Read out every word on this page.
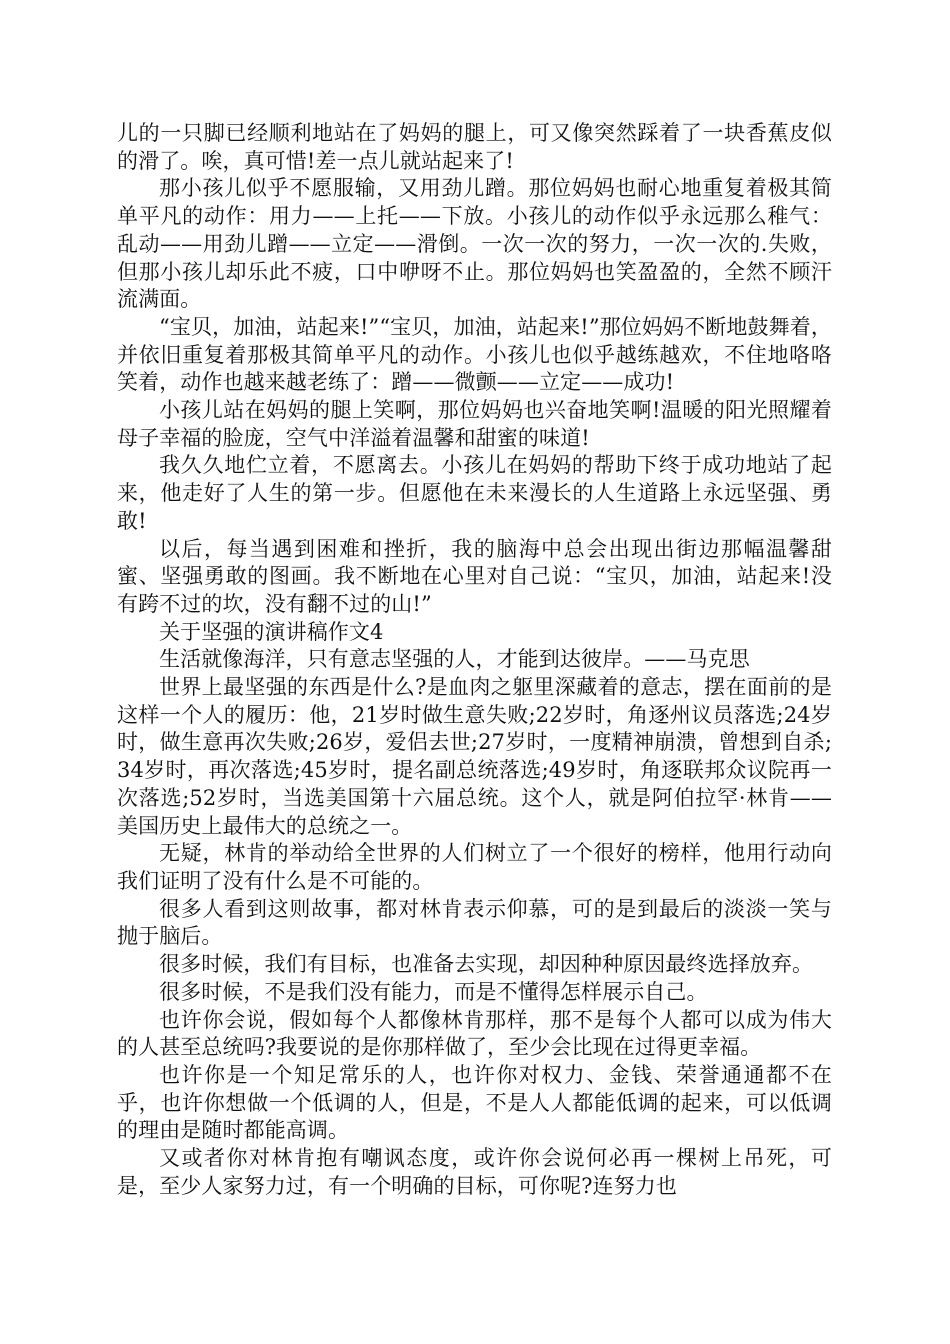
儿的一只脚已经顺利地站在了妈妈的腿上，可又像突然踩着了一块香蕉皮似的滑了。唉，真可惜!差一点儿就站起来了!

那小孩儿似乎不愿服输，又用劲儿蹭。那位妈妈也耐心地重复着极其简单平凡的动作：用力——上托——下放。小孩儿的动作似乎永远那么稚气：乱动——用劲儿蹭——立定——滑倒。一次一次的努力，一次一次的.失败，但那小孩儿却乐此不疲，口中咿呀不止。那位妈妈也笑盈盈的，全然不顾汗流满面。

“宝贝，加油，站起来!”“宝贝，加油，站起来!”那位妈妈不断地鼓舞着，并依旧重复着那极其简单平凡的动作。小孩儿也似乎越练越欢，不住地咯咯笑着，动作也越来越老练了：蹭——微颤——立定——成功!

小孩儿站在妈妈的腿上笑啊，那位妈妈也兴奋地笑啊!温暖的阳光照耀着母子幸福的脸庞，空气中洋溢着温馨和甜蜜的味道!

我久久地伫立着，不愿离去。小孩儿在妈妈的帮助下终于成功地站了起来，他走好了人生的第一步。但愿他在未来漫长的人生道路上永远坚强、勇敢!

以后，每当遇到困难和挫折，我的脑海中总会出现出街边那幅温馨甜蜜、坚强勇敢的图画。我不断地在心里对自己说：“宝贝，加油，站起来!没有跨不过的坎，没有翻不过的山!”

关于坚强的演讲稿作文4

生活就像海洋，只有意志坚强的人，才能到达彼岸。——马克思

世界上最坚强的东西是什么?是血肉之躯里深藏着的意志，摆在面前的是这样一个人的履历：他，21岁时做生意失败;22岁时，角逐州议员落选;24岁时，做生意再次失败;26岁，爱侣去世;27岁时，一度精神崩溃，曾想到自杀;34岁时，再次落选;45岁时，提名副总统落选;49岁时，角逐联邦众议院再一次落选;52岁时，当选美国第十六届总统。这个人，就是阿伯拉罕·林肯——美国历史上最伟大的总统之一。

无疑，林肯的举动给全世界的人们树立了一个很好的榜样，他用行动向我们证明了没有什么是不可能的。

很多人看到这则故事，都对林肯表示仰慕，可的是到最后的淡淡一笑与抛于脑后。

很多时候，我们有目标，也准备去实现，却因种种原因最终选择放弃。

很多时候，不是我们没有能力，而是不懂得怎样展示自己。

也许你会说，假如每个人都像林肯那样，那不是每个人都可以成为伟大的人甚至总统吗?我要说的是你那样做了，至少会比现在过得更幸福。

也许你是一个知足常乐的人，也许你对权力、金钱、荣誉通通都不在乎，也许你想做一个低调的人，但是，不是人人都能低调的起来，可以低调的理由是随时都能高调。

又或者你对林肯抱有嘲讽态度，或许你会说何必再一棵树上吊死，可是，至少人家努力过，有一个明确的目标，可你呢?连努力也
